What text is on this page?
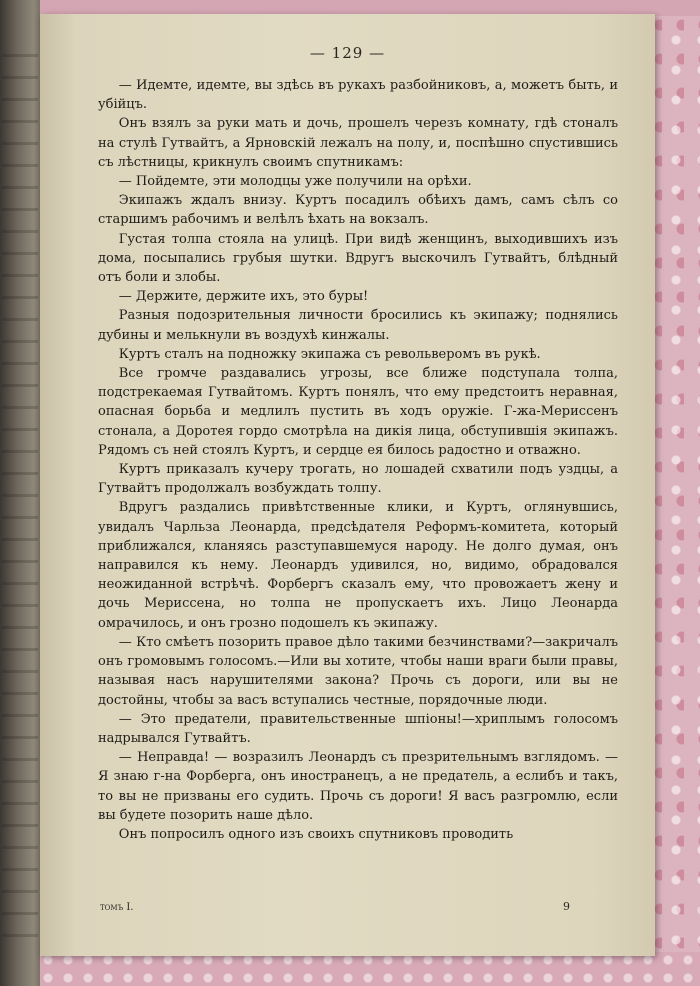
— 129 —

— Идемте, идемте, вы здѣсь въ рукахъ разбойниковъ, а, можетъ быть, и убійцъ.

Онъ взялъ за руки мать и дочь, прошелъ черезъ комнату, гдѣ стоналъ на стулѣ Гутвайтъ, а Ярновскій лежалъ на полу, и, поспѣшно спустившись съ лѣстницы, крикнулъ своимъ спутникамъ:

— Пойдемте, эти молодцы уже получили на орѣхи.

Экипажъ ждалъ внизу. Куртъ посадилъ обѣихъ дамъ, самъ сѣлъ со старшимъ рабочимъ и велѣлъ ѣхать на вокзалъ.

Густая толпа стояла на улицѣ. При видѣ женщинъ, выходившихъ изъ дома, посыпались грубыя шутки. Вдругъ выскочилъ Гутвайтъ, блѣдный отъ боли и злобы.

— Держите, держите ихъ, это буры!

Разныя подозрительныя личности бросились къ экипажу; поднялись дубины и мелькнули въ воздухѣ кинжалы.

Куртъ сталъ на подножку экипажа съ револьверомъ въ рукѣ.

Все громче раздавались угрозы, все ближе подступала толпа, подстрекаемая Гутвайтомъ. Куртъ понялъ, что ему предстоитъ неравная, опасная борьба и медлилъ пустить въ ходъ оружіе. Г-жа-Мериссенъ стонала, а Доротея гордо смотрѣла на дикія лица, обступившія экипажъ. Рядомъ съ ней стоялъ Куртъ, и сердце ея билось радостно и отважно.

Куртъ приказалъ кучеру трогать, но лошадей схватили подъ уздцы, а Гутвайтъ продолжалъ возбуждать толпу.

Вдругъ раздались привѣтственные клики, и Куртъ, оглянувшись, увидалъ Чарльза Леонарда, предсѣдателя Реформъ-комитета, который приближался, кланяясь разступавшемуся народу. Не долго думая, онъ направился къ нему. Леонардъ удивился, но, видимо, обрадовался неожиданной встрѣчѣ. Форбергъ сказалъ ему, что провожаетъ жену и дочь Мериссена, но толпа не пропускаетъ ихъ. Лицо Леонарда омрачилось, и онъ грозно подошелъ къ экипажу.

— Кто смѣетъ позорить правое дѣло такими безчинствами?—закричалъ онъ громовымъ голосомъ.—Или вы хотите, чтобы наши враги были правы, называя насъ нарушителями закона? Прочь съ дороги, или вы не достойны, чтобы за васъ вступались честные, порядочные люди.

— Это предатели, правительственные шпіоны!—хриплымъ голосомъ надрывался Гутвайтъ.

— Неправда! — возразилъ Леонардъ съ презрительнымъ взглядомъ. — Я знаю г-на Форберга, онъ иностранецъ, а не предатель, а еслибъ и такъ, то вы не призваны его судить. Прочь съ дороги! Я васъ разгромлю, если вы будете позорить наше дѣло.

Онъ попросилъ одного изъ своихъ спутниковъ проводить

томъ I.	9
